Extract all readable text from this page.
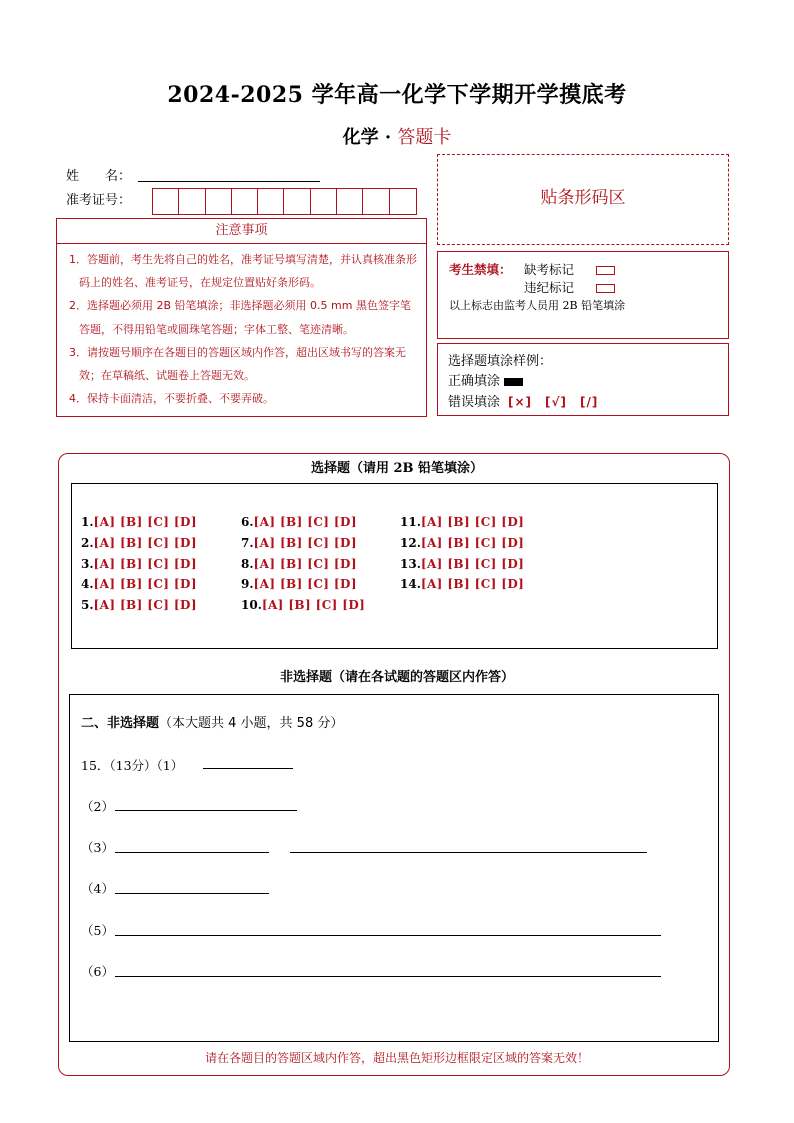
2024-2025 学年高一化学下学期开学摸底考
化学 · 答题卡
姓　　名：
准考证号：
注意事项
1．答题前，考生先将自己的姓名，准考证号填写清楚，并认真核准条形码上的姓名、准考证号，在规定位置贴好条形码。
2．选择题必须用 2B 铅笔填涂；非选择题必须用 0.5 mm 黑色签字笔答题，不得用铅笔或圆珠笔答题；字体工整、笔迹清晰。
3．请按题号顺序在各题目的答题区域内作答，超出区域书写的答案无效；在草稿纸、试题卷上答题无效。
4．保持卡面清洁，不要折叠、不要弄破。
贴条形码区
考生禁填： 缺考标记
违纪标记
以上标志由监考人员用 2B 铅笔填涂
选择题填涂样例：
正确填涂
错误填涂 [×]　[√]　[/]
选择题（请用 2B 铅笔填涂）
1.[A] [B] [C] [D]
2.[A] [B] [C] [D]
3.[A] [B] [C] [D]
4.[A] [B] [C] [D]
5.[A] [B] [C] [D]
6.[A] [B] [C] [D]
7.[A] [B] [C] [D]
8.[A] [B] [C] [D]
9.[A] [B] [C] [D]
10.[A] [B] [C] [D]
11.[A] [B] [C] [D]
12.[A] [B] [C] [D]
13.[A] [B] [C] [D]
14.[A] [B] [C] [D]
非选择题（请在各试题的答题区内作答）
二、非选择题（本大题共 4 小题，共 58 分）
15．（13分）（1）
（2）
（3）
（4）
（5）
（6）
请在各题目的答题区域内作答，超出黑色矩形边框限定区域的答案无效！
